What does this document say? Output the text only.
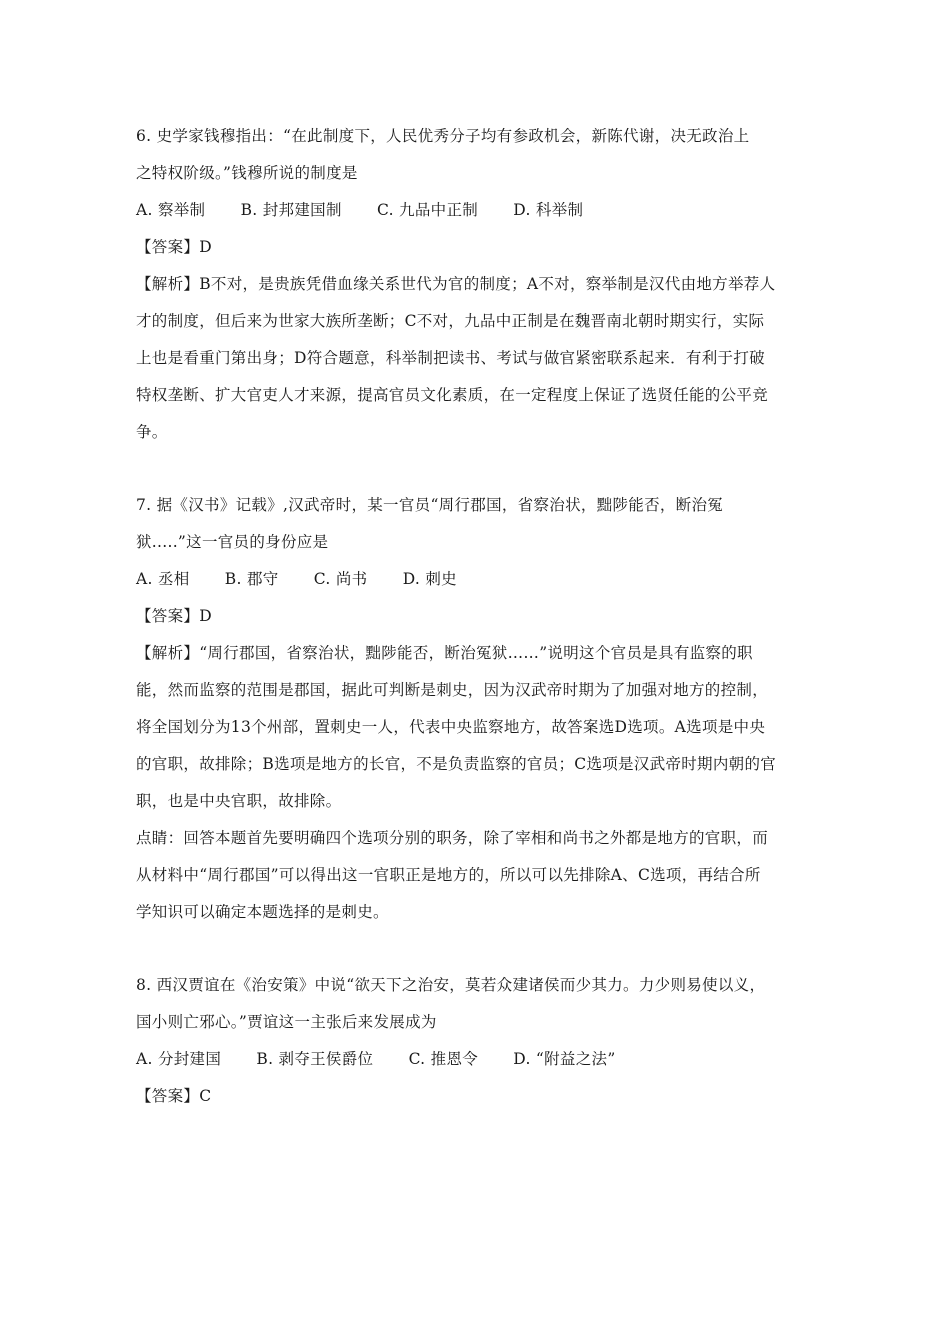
6. 史学家钱穆指出：“在此制度下，人民优秀分子均有参政机会，新陈代谢，决无政治上
之特权阶级。”钱穆所说的制度是
A. 察举制 B. 封邦建国制 C. 九品中正制 D. 科举制
【答案】D
【解析】B不对，是贵族凭借血缘关系世代为官的制度；A不对，察举制是汉代由地方举荐人
才的制度，但后来为世家大族所垄断；C不对，九品中正制是在魏晋南北朝时期实行，实际
上也是看重门第出身；D符合题意，科举制把读书、考试与做官紧密联系起来．有利于打破
特权垄断、扩大官吏人才来源，提高官员文化素质，在一定程度上保证了选贤任能的公平竞
争。
7. 据《汉书》记载》,汉武帝时，某一官员“周行郡国，省察治状，黜陟能否，断治冤
狱.....”这一官员的身份应是
A. 丞相 B. 郡守 C. 尚书 D. 刺史
【答案】D
【解析】“周行郡国，省察治状，黜陟能否，断治冤狱……”说明这个官员是具有监察的职
能，然而监察的范围是郡国，据此可判断是刺史，因为汉武帝时期为了加强对地方的控制，
将全国划分为13个州部，置刺史一人，代表中央监察地方，故答案选D选项。A选项是中央
的官职，故排除；B选项是地方的长官，不是负责监察的官员；C选项是汉武帝时期内朝的官
职，也是中央官职，故排除。
点睛：回答本题首先要明确四个选项分别的职务，除了宰相和尚书之外都是地方的官职，而
从材料中“周行郡国”可以得出这一官职正是地方的，所以可以先排除A、C选项，再结合所
学知识可以确定本题选择的是刺史。
8. 西汉贾谊在《治安策》中说“欲天下之治安，莫若众建诸侯而少其力。力少则易使以义，
国小则亡邪心。”贾谊这一主张后来发展成为
A. 分封建国 B. 剥夺王侯爵位 C. 推恩令 D. “附益之法”
【答案】C
